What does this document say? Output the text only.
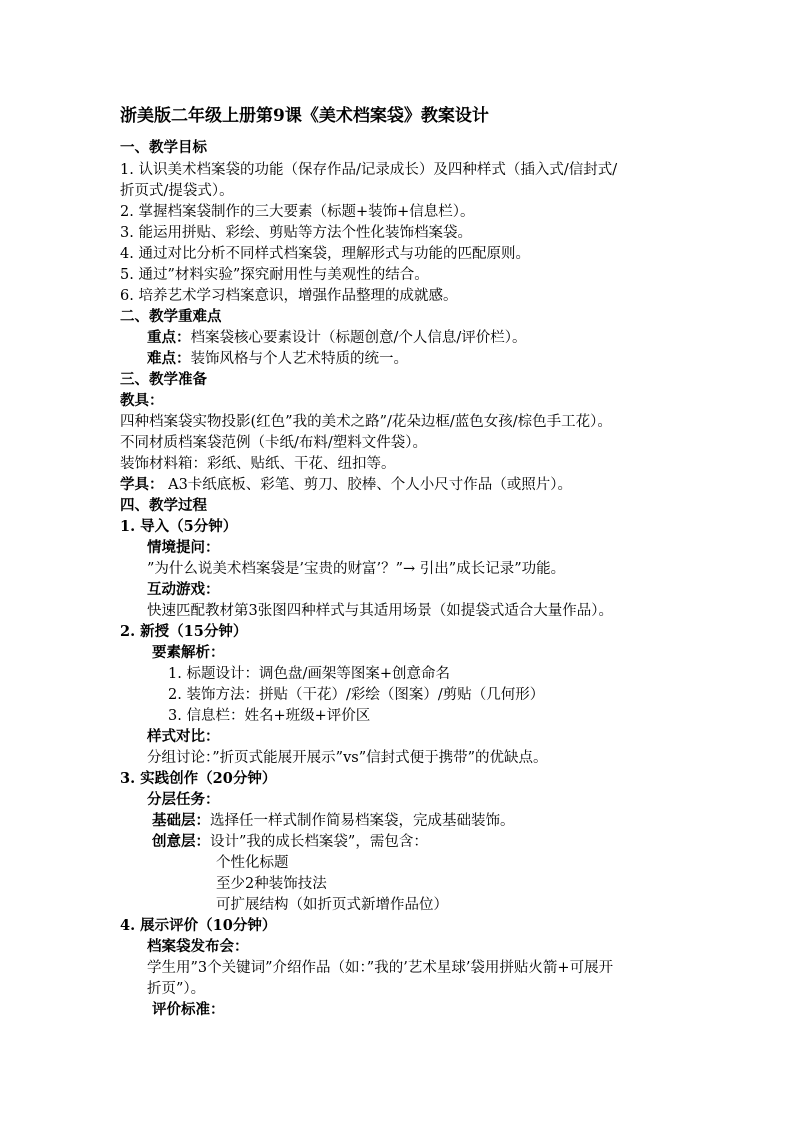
浙美版二年级上册第9课《美术档案袋》教案设计
一、教学目标
1. 认识美术档案袋的功能（保存作品/记录成长）及四种样式（插入式/信封式/
折页式/提袋式）。
2. 掌握档案袋制作的三大要素（标题+装饰+信息栏）。
3. 能运用拼贴、彩绘、剪贴等方法个性化装饰档案袋。
4. 通过对比分析不同样式档案袋，理解形式与功能的匹配原则。
5. 通过”材料实验”探究耐用性与美观性的结合。
6. 培养艺术学习档案意识，增强作品整理的成就感。
二、教学重难点
重点：档案袋核心要素设计（标题创意/个人信息/评价栏）。
难点：装饰风格与个人艺术特质的统一。
三、教学准备
教具：
四种档案袋实物投影(红色”我的美术之路”/花朵边框/蓝色女孩/棕色手工花）。
不同材质档案袋范例（卡纸/布料/塑料文件袋）。
装饰材料箱：彩纸、贴纸、干花、纽扣等。
学具： A3卡纸底板、彩笔、剪刀、胶棒、个人小尺寸作品（或照片）。
四、教学过程
1. 导入（5分钟）
情境提问：
”为什么说美术档案袋是’宝贵的财富’？”→ 引出”成长记录”功能。
互动游戏：
快速匹配教材第3张图四种样式与其适用场景（如提袋式适合大量作品）。
2. 新授（15分钟）
要素解析：
1. 标题设计：调色盘/画架等图案+创意命名
2. 装饰方法：拼贴（干花）/彩绘（图案）/剪贴（几何形）
3. 信息栏：姓名+班级+评价区
样式对比：
分组讨论：”折页式能展开展示”vs”信封式便于携带”的优缺点。
3. 实践创作（20分钟）
分层任务：
基础层：选择任一样式制作简易档案袋，完成基础装饰。
创意层：设计”我的成长档案袋”，需包含：
个性化标题
至少2种装饰技法
可扩展结构（如折页式新增作品位）
4. 展示评价（10分钟）
档案袋发布会：
学生用”3个关键词”介绍作品（如：”我的’艺术星球’袋用拼贴火箭+可展开
折页”）。
评价标准：
